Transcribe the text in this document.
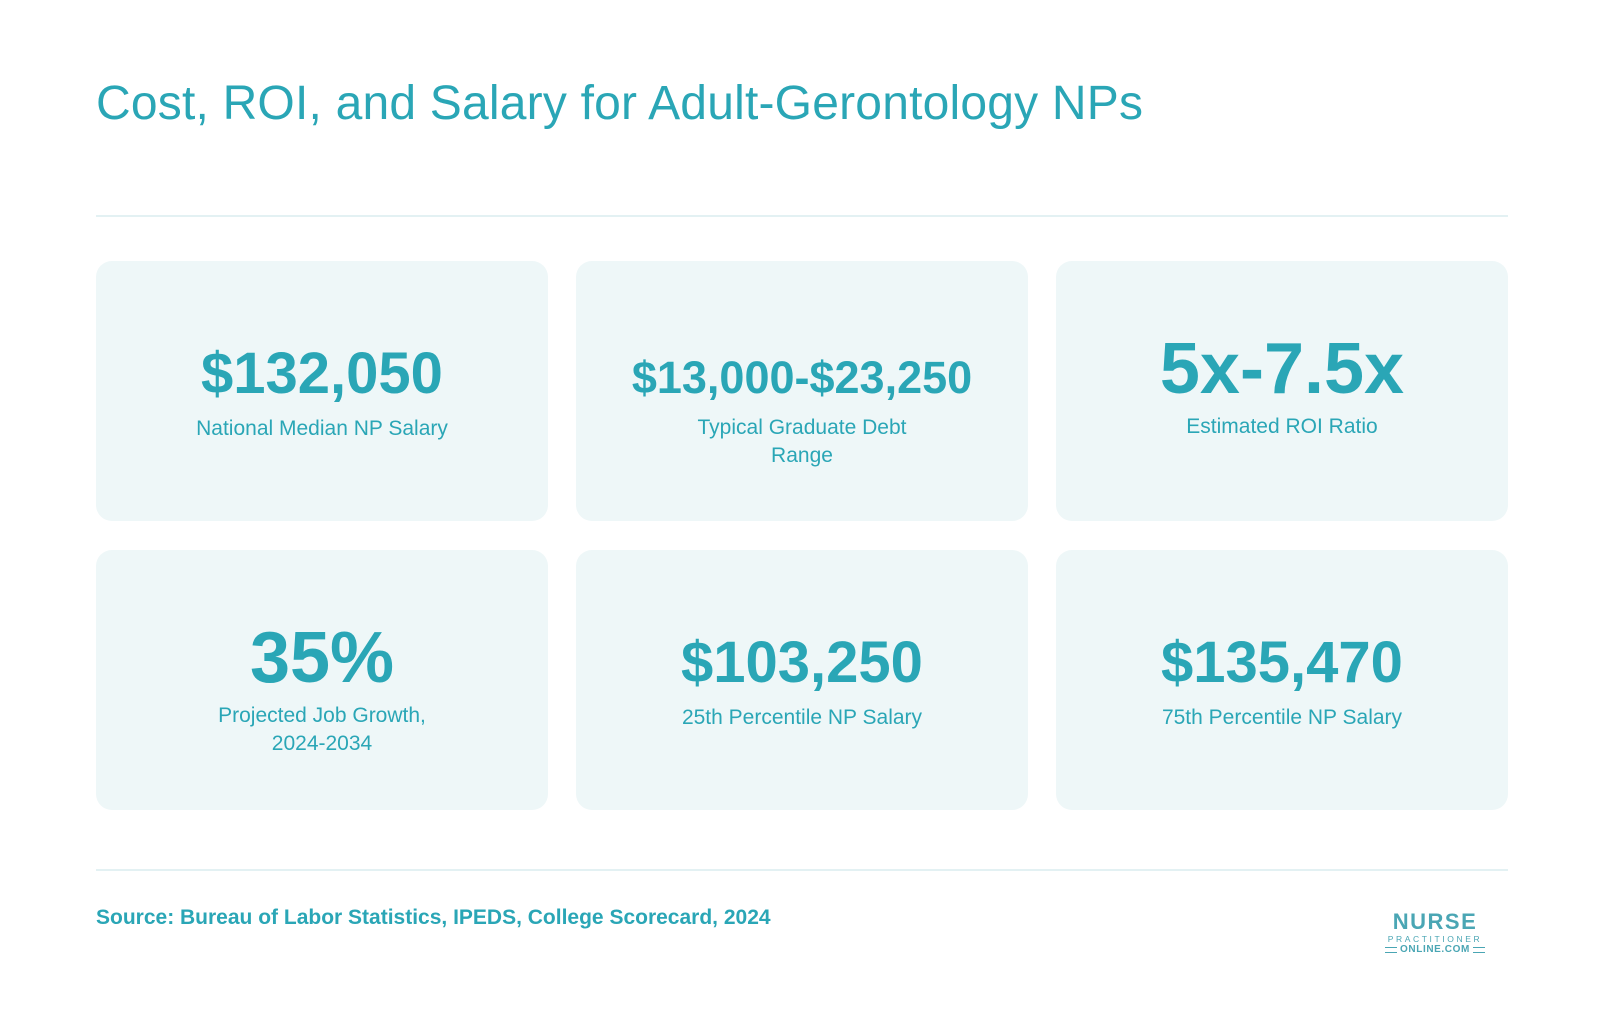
Cost, ROI, and Salary for Adult-Gerontology NPs
$132,050
National Median NP Salary
$13,000-$23,250
Typical Graduate Debt Range
5x-7.5x
Estimated ROI Ratio
35%
Projected Job Growth, 2024-2034
$103,250
25th Percentile NP Salary
$135,470
75th Percentile NP Salary
Source: Bureau of Labor Statistics, IPEDS, College Scorecard, 2024	NURSE
PRACTITIONER
ONLINE.COM
